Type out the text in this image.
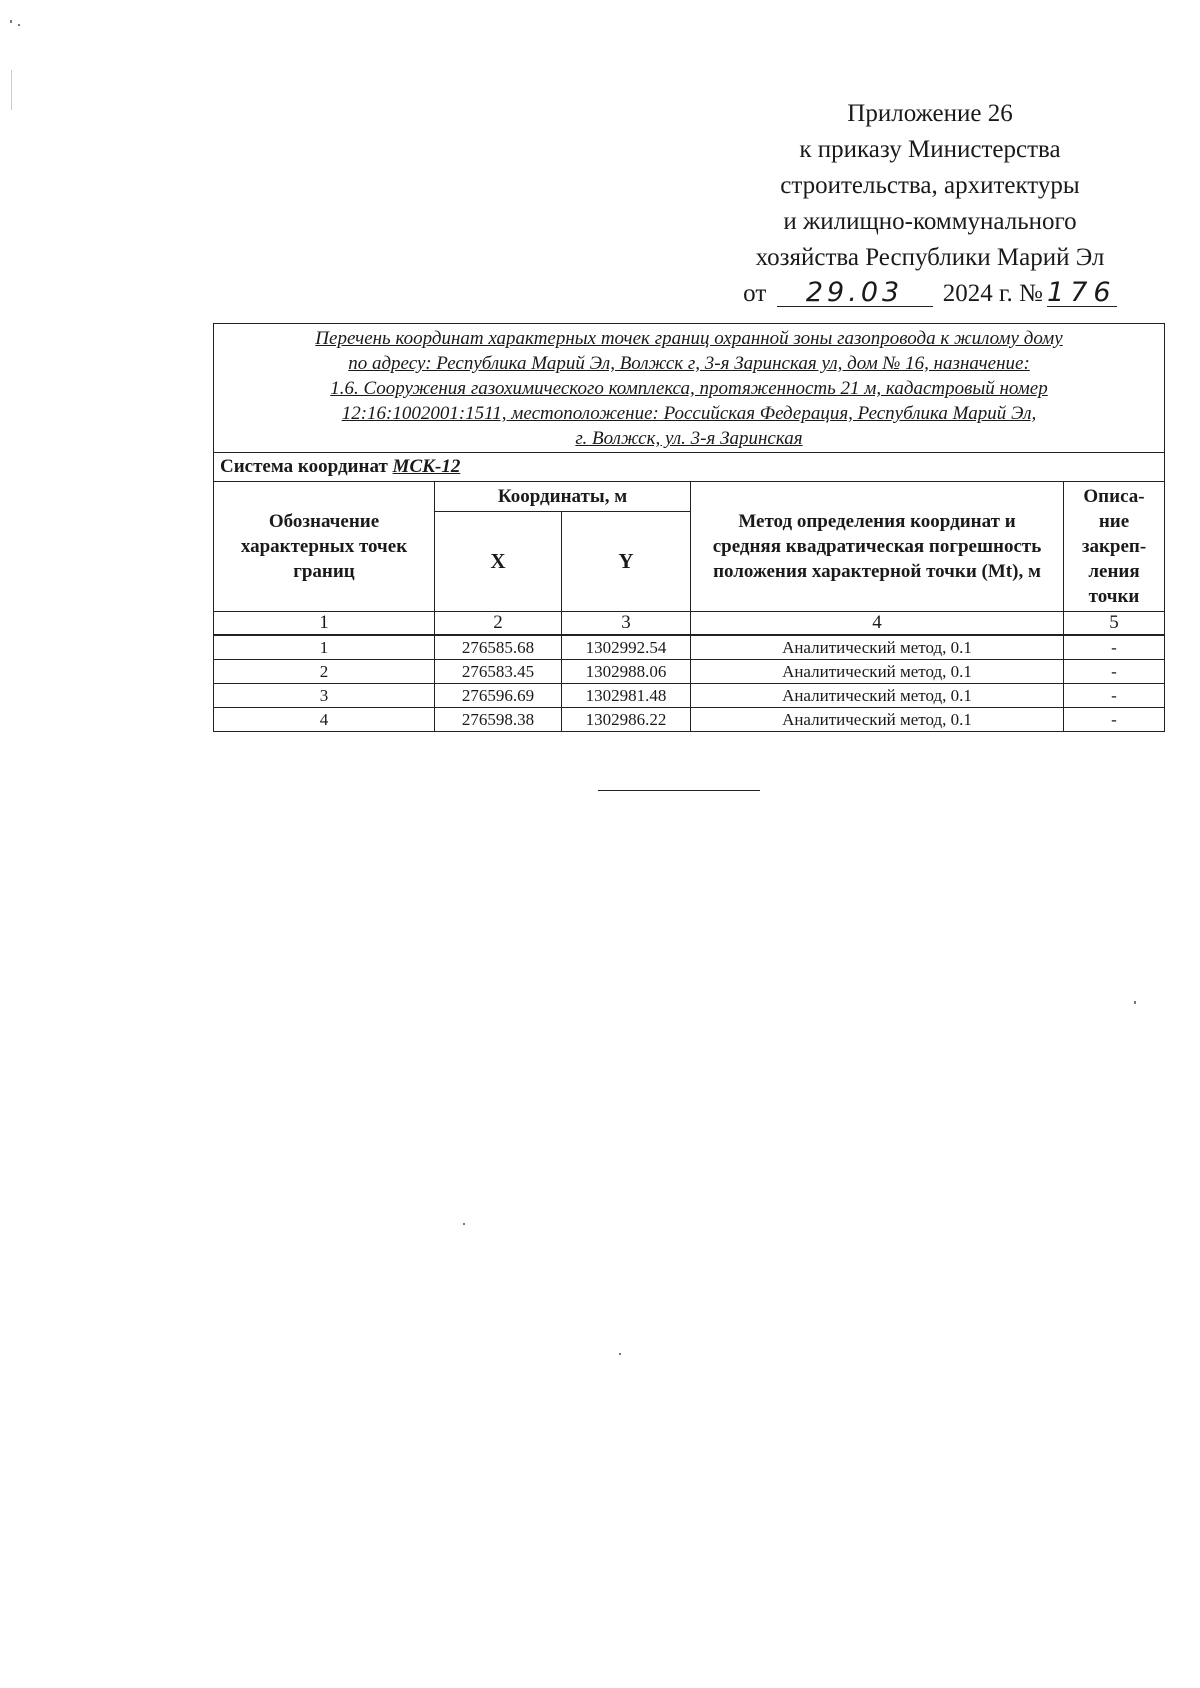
Приложение 26
к приказу Министерства
строительства, архитектуры
и жилищно-коммунального
хозяйства Республики Марий Эл
от 29.03 2024 г. № 176
Перечень координат характерных точек границ охранной зоны газопровода к жилому дому
по адресу: Республика Марий Эл, Волжск г, 3-я Заринская ул, дом № 16, назначение:
1.6. Сооружения газохимического комплекса, протяженность 21 м, кадастровый номер
12:16:1002001:1511, местоположение: Российская Федерация, Республика Марий Эл,
г. Волжск, ул. 3-я Заринская				

Система координат МСК-12				
Обозначение характерных точек границ	Координаты, м		Метод определения координат и средняя квадратическая погрешность положения характерной точки (Mt), м	Описа-ние закреп-ления точки
	X	Y		
1	2	3	4	5
1	276585.68	1302992.54	Аналитический метод, 0.1	-
2	276583.45	1302988.06	Аналитический метод, 0.1	-
3	276596.69	1302981.48	Аналитический метод, 0.1	-
4	276598.38	1302986.22	Аналитический метод, 0.1	-
